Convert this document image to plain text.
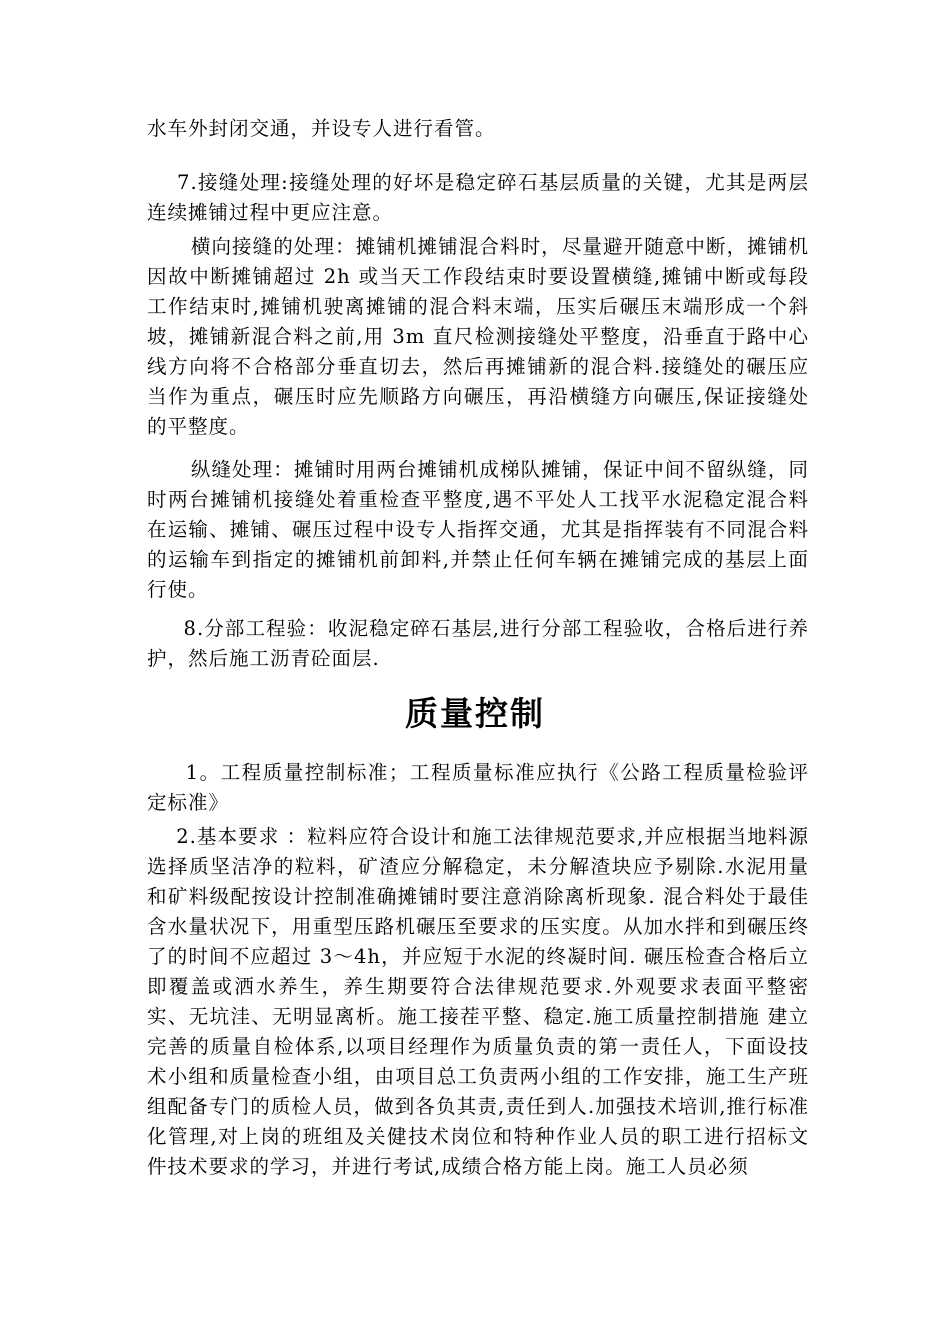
水车外封闭交通，并设专人进行看管。

7.接缝处理:接缝处理的好坏是稳定碎石基层质量的关键，尤其是两层连续摊铺过程中更应注意。

横向接缝的处理：摊铺机摊铺混合料时，尽量避开随意中断，摊铺机因故中断摊铺超过 2h 或当天工作段结束时要设置横缝,摊铺中断或每段工作结束时,摊铺机驶离摊铺的混合料末端，压实后碾压末端形成一个斜坡，摊铺新混合料之前,用 3m 直尺检测接缝处平整度，沿垂直于路中心线方向将不合格部分垂直切去，然后再摊铺新的混合料.接缝处的碾压应当作为重点，碾压时应先顺路方向碾压，再沿横缝方向碾压,保证接缝处的平整度。

纵缝处理：摊铺时用两台摊铺机成梯队摊铺，保证中间不留纵缝，同时两台摊铺机接缝处着重检查平整度,遇不平处人工找平水泥稳定混合料在运输、摊铺、碾压过程中设专人指挥交通，尤其是指挥装有不同混合料的运输车到指定的摊铺机前卸料,并禁止任何车辆在摊铺完成的基层上面行使。

8.分部工程验：收泥稳定碎石基层,进行分部工程验收，合格后进行养护，然后施工沥青砼面层.

质量控制

1。工程质量控制标准；工程质量标准应执行《公路工程质量检验评定标准》

2.基本要求 ：粒料应符合设计和施工法律规范要求,并应根据当地料源选择质坚洁净的粒料，矿渣应分解稳定，未分解渣块应予剔除.水泥用量和矿料级配按设计控制准确摊铺时要注意消除离析现象. 混合料处于最佳含水量状况下，用重型压路机碾压至要求的压实度。从加水拌和到碾压终了的时间不应超过 3～4h，并应短于水泥的终凝时间. 碾压检查合格后立即覆盖或洒水养生，养生期要符合法律规范要求.外观要求表面平整密实、无坑洼、无明显离析。施工接茬平整、稳定.施工质量控制措施 建立完善的质量自检体系,以项目经理作为质量负责的第一责任人，下面设技术小组和质量检查小组，由项目总工负责两小组的工作安排，施工生产班组配备专门的质检人员，做到各负其责,责任到人.加强技术培训,推行标准化管理,对上岗的班组及关健技术岗位和特种作业人员的职工进行招标文件技术要求的学习，并进行考试,成绩合格方能上岗。施工人员必须
